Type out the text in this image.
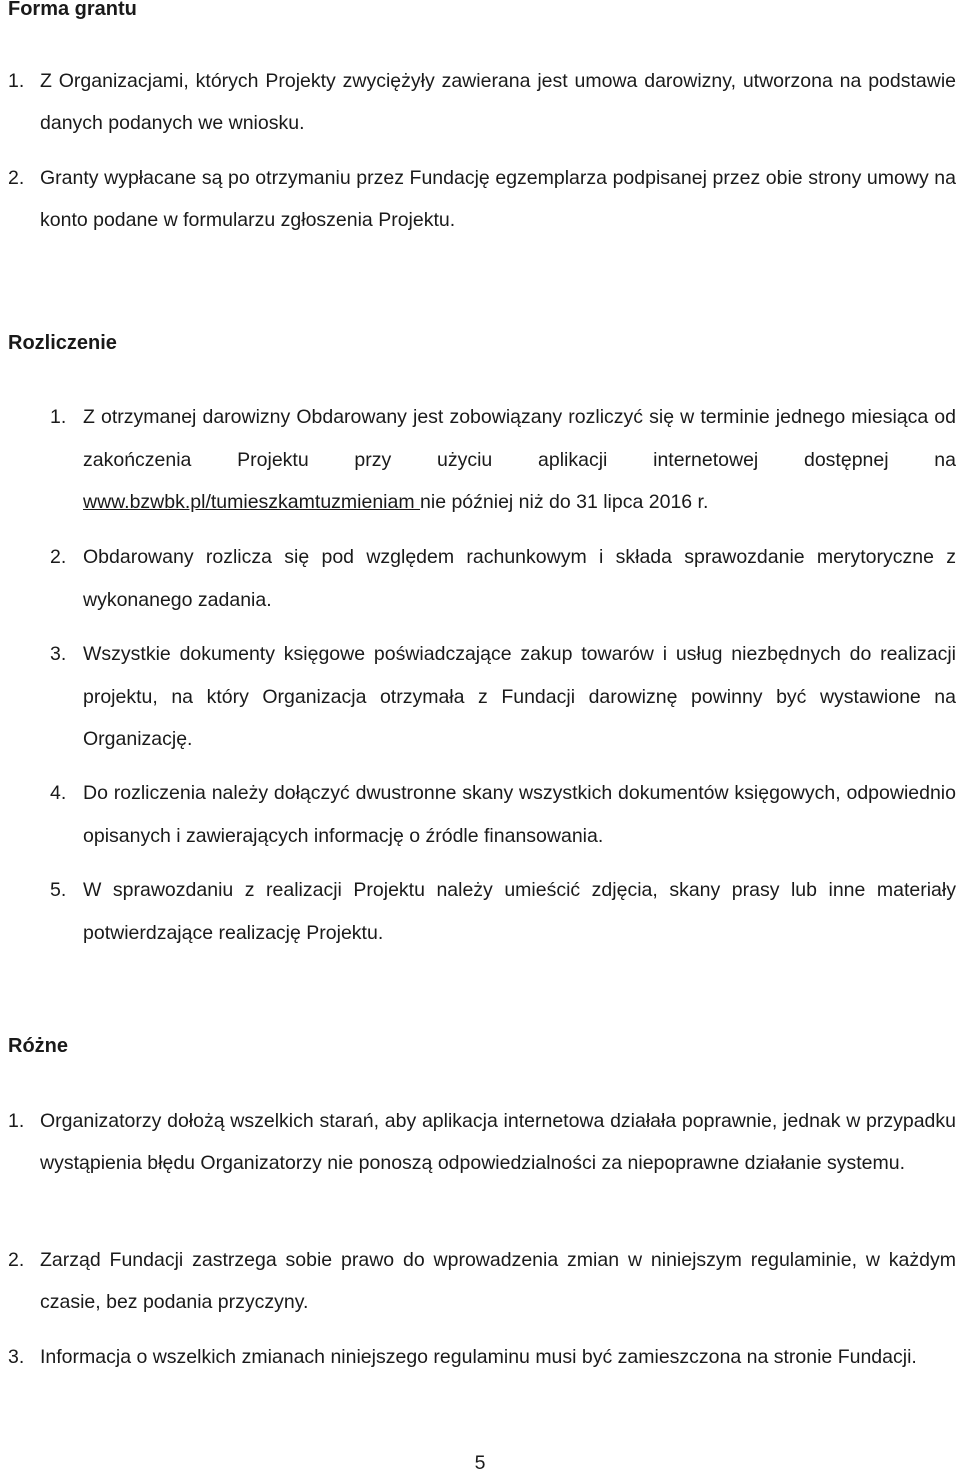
Forma grantu
1. Z Organizacjami, których Projekty zwyciężyły zawierana jest umowa darowizny, utworzona na podstawie danych podanych we wniosku.
2. Granty wypłacane są po otrzymaniu przez Fundację egzemplarza podpisanej przez obie strony umowy na konto podane w formularzu zgłoszenia Projektu.
Rozliczenie
1. Z otrzymanej darowizny Obdarowany jest zobowiązany rozliczyć się w terminie jednego miesiąca od zakończenia Projektu przy użyciu aplikacji internetowej dostępnej na www.bzwbk.pl/tumieszkamtuzmieniam nie później niż do 31 lipca 2016 r.
2. Obdarowany rozlicza się pod względem rachunkowym i składa sprawozdanie merytoryczne z wykonanego zadania.
3. Wszystkie dokumenty księgowe poświadczające zakup towarów i usług niezbędnych do realizacji projektu, na który Organizacja otrzymała z Fundacji darowiznę powinny być wystawione na Organizację.
4. Do rozliczenia należy dołączyć dwustronne skany wszystkich dokumentów księgowych, odpowiednio opisanych i zawierających informację o źródle finansowania.
5. W sprawozdaniu z realizacji Projektu należy umieścić zdjęcia, skany prasy lub inne materiały potwierdzające realizację Projektu.
Różne
1. Organizatorzy dołożą wszelkich starań, aby aplikacja internetowa działała poprawnie, jednak w przypadku wystąpienia błędu Organizatorzy nie ponoszą odpowiedzialności za niepoprawne działanie systemu.
2. Zarząd Fundacji zastrzega sobie prawo do wprowadzenia zmian w niniejszym regulaminie, w każdym czasie, bez podania przyczyny.
3. Informacja o wszelkich zmianach niniejszego regulaminu musi być zamieszczona na stronie Fundacji.
5
